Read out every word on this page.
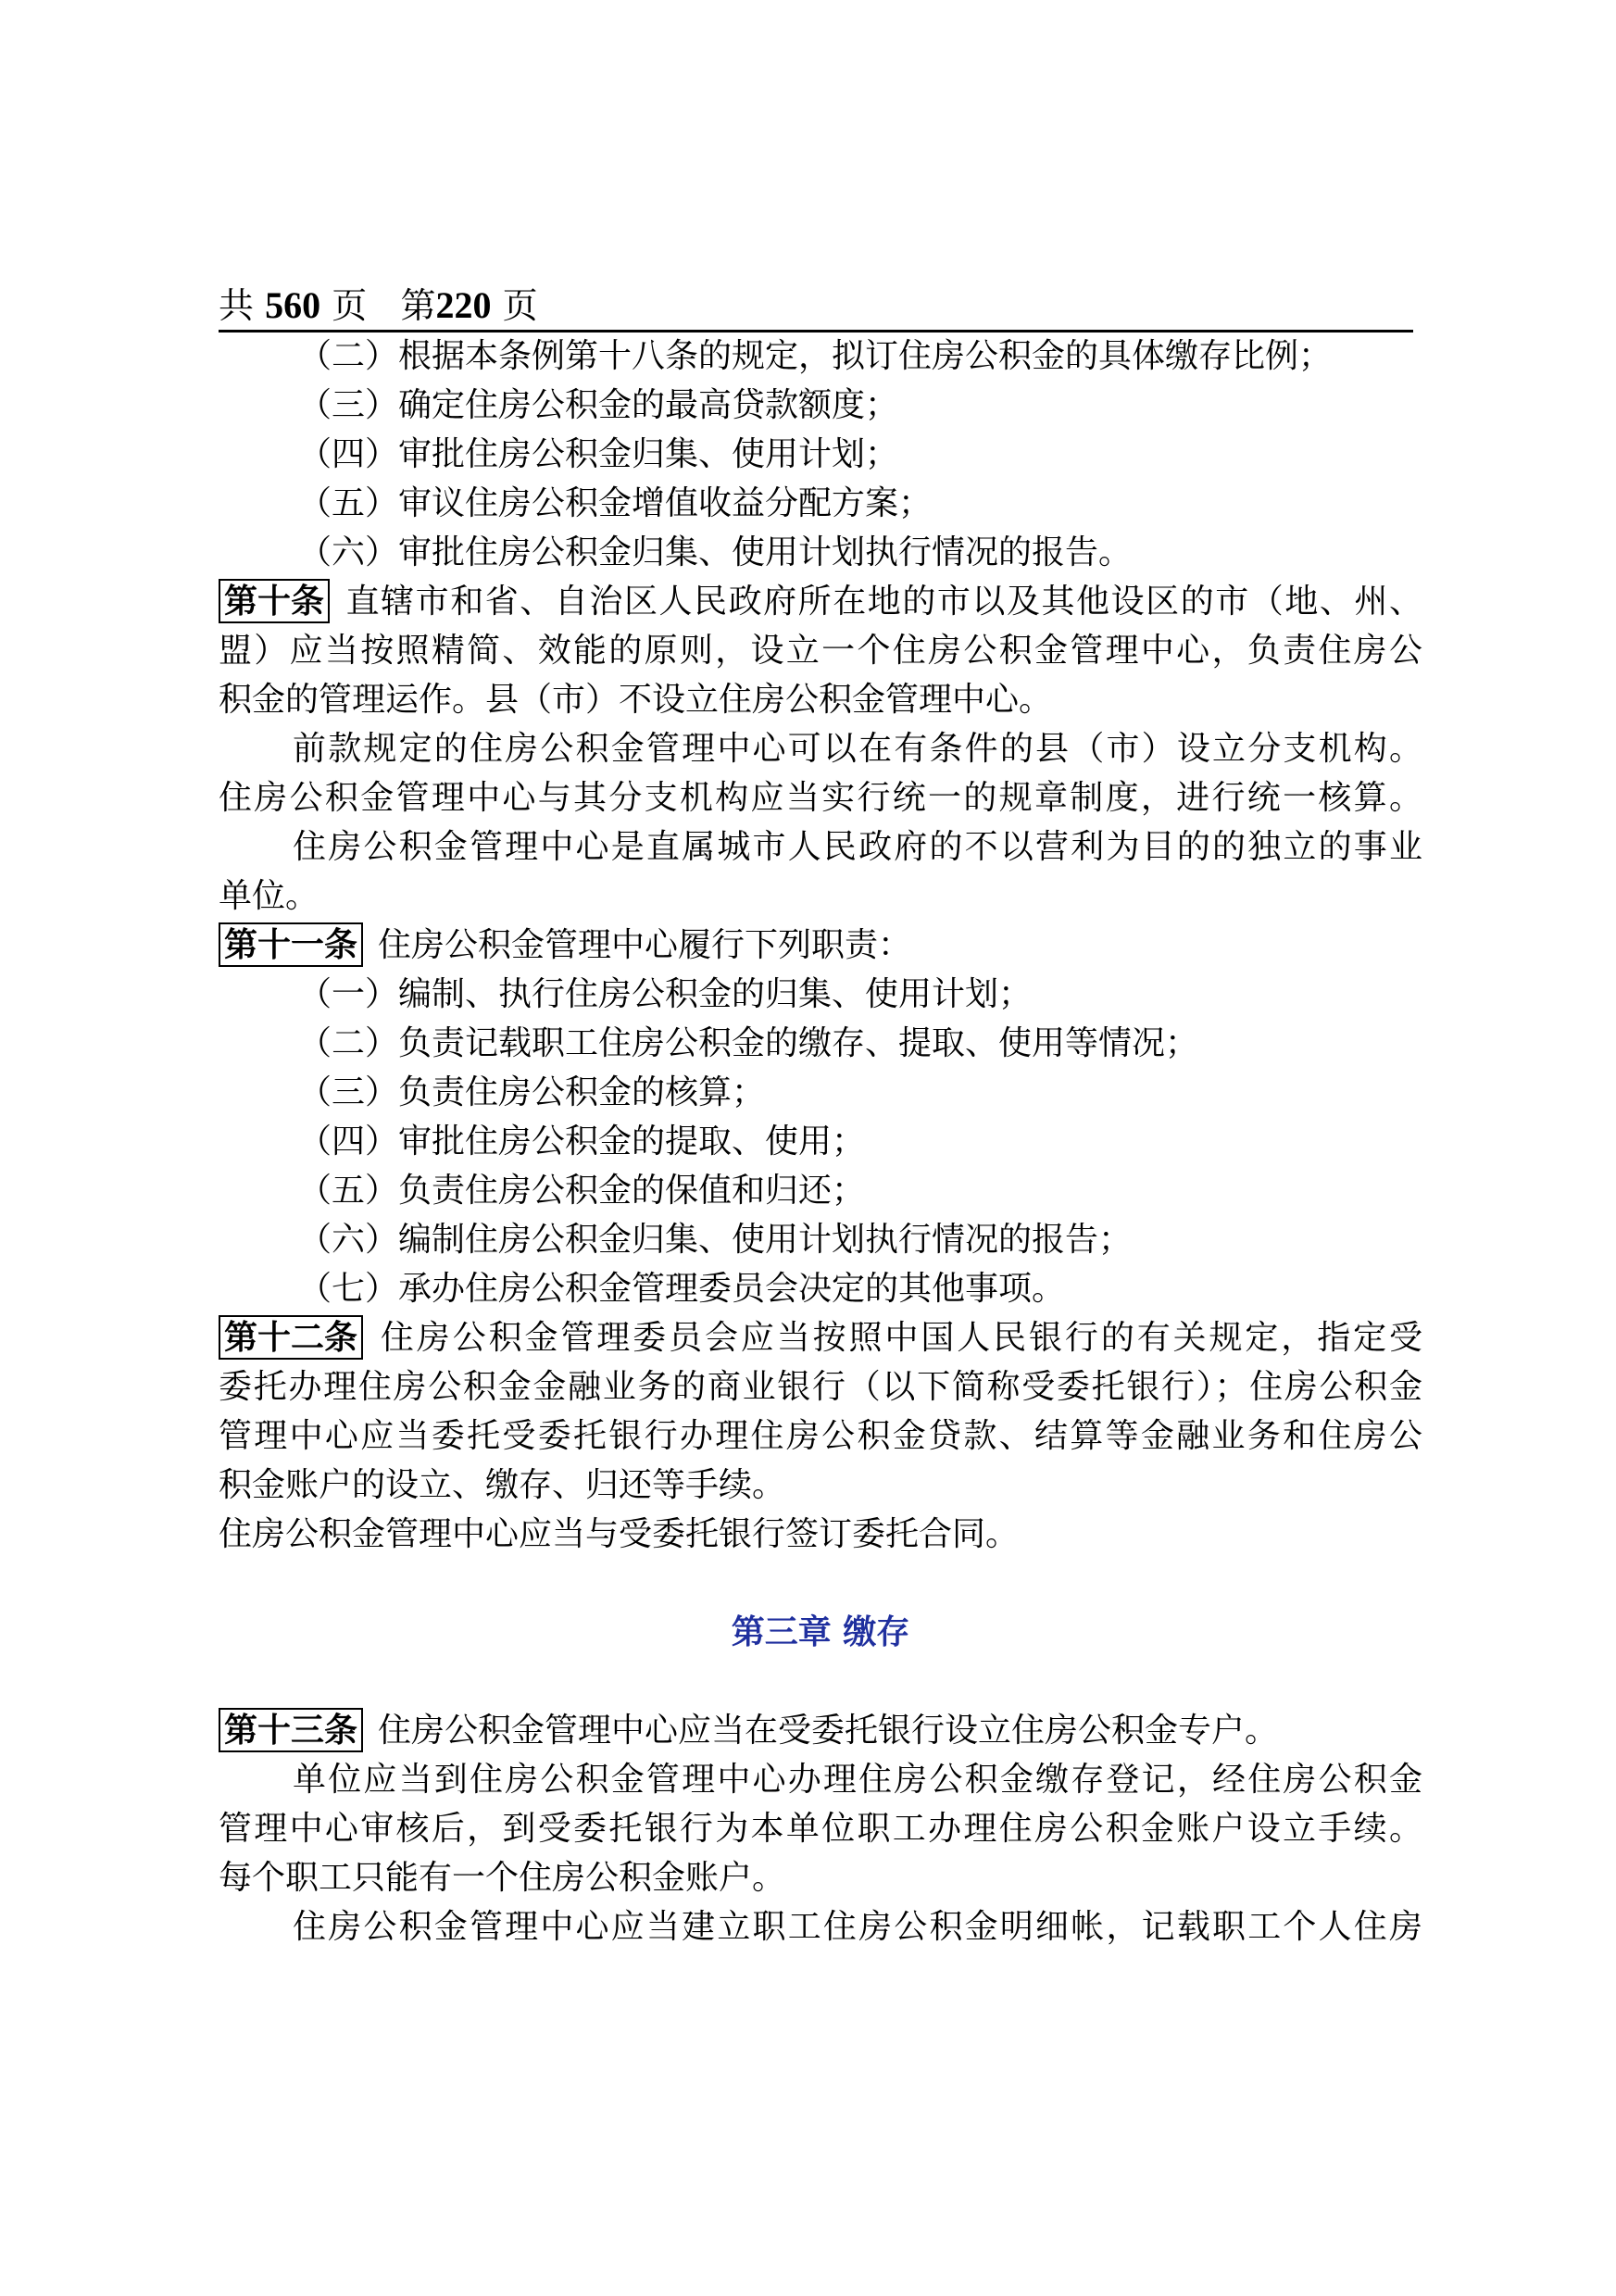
共 560 页 第220 页

（二）根据本条例第十八条的规定，拟订住房公积金的具体缴存比例；

（三）确定住房公积金的最高贷款额度；

（四）审批住房公积金归集、使用计划；

（五）审议住房公积金增值收益分配方案；

（六）审批住房公积金归集、使用计划执行情况的报告。

第十条 直辖市和省、自治区人民政府所在地的市以及其他设区的市（地、州、

盟）应当按照精简、效能的原则，设立一个住房公积金管理中心，负责住房公

积金的管理运作。县（市）不设立住房公积金管理中心。

前款规定的住房公积金管理中心可以在有条件的县（市）设立分支机构。

住房公积金管理中心与其分支机构应当实行统一的规章制度，进行统一核算。

住房公积金管理中心是直属城市人民政府的不以营利为目的的独立的事业

单位。

第十一条 住房公积金管理中心履行下列职责：

（一）编制、执行住房公积金的归集、使用计划；

（二）负责记载职工住房公积金的缴存、提取、使用等情况；

（三）负责住房公积金的核算；

（四）审批住房公积金的提取、使用；

（五）负责住房公积金的保值和归还；

（六）编制住房公积金归集、使用计划执行情况的报告；

（七）承办住房公积金管理委员会决定的其他事项。

第十二条 住房公积金管理委员会应当按照中国人民银行的有关规定，指定受

委托办理住房公积金金融业务的商业银行（以下简称受委托银行）；住房公积金

管理中心应当委托受委托银行办理住房公积金贷款、结算等金融业务和住房公

积金账户的设立、缴存、归还等手续。

住房公积金管理中心应当与受委托银行签订委托合同。

第三章 缴存

第十三条 住房公积金管理中心应当在受委托银行设立住房公积金专户。

单位应当到住房公积金管理中心办理住房公积金缴存登记，经住房公积金

管理中心审核后，到受委托银行为本单位职工办理住房公积金账户设立手续。

每个职工只能有一个住房公积金账户。

住房公积金管理中心应当建立职工住房公积金明细帐，记载职工个人住房
